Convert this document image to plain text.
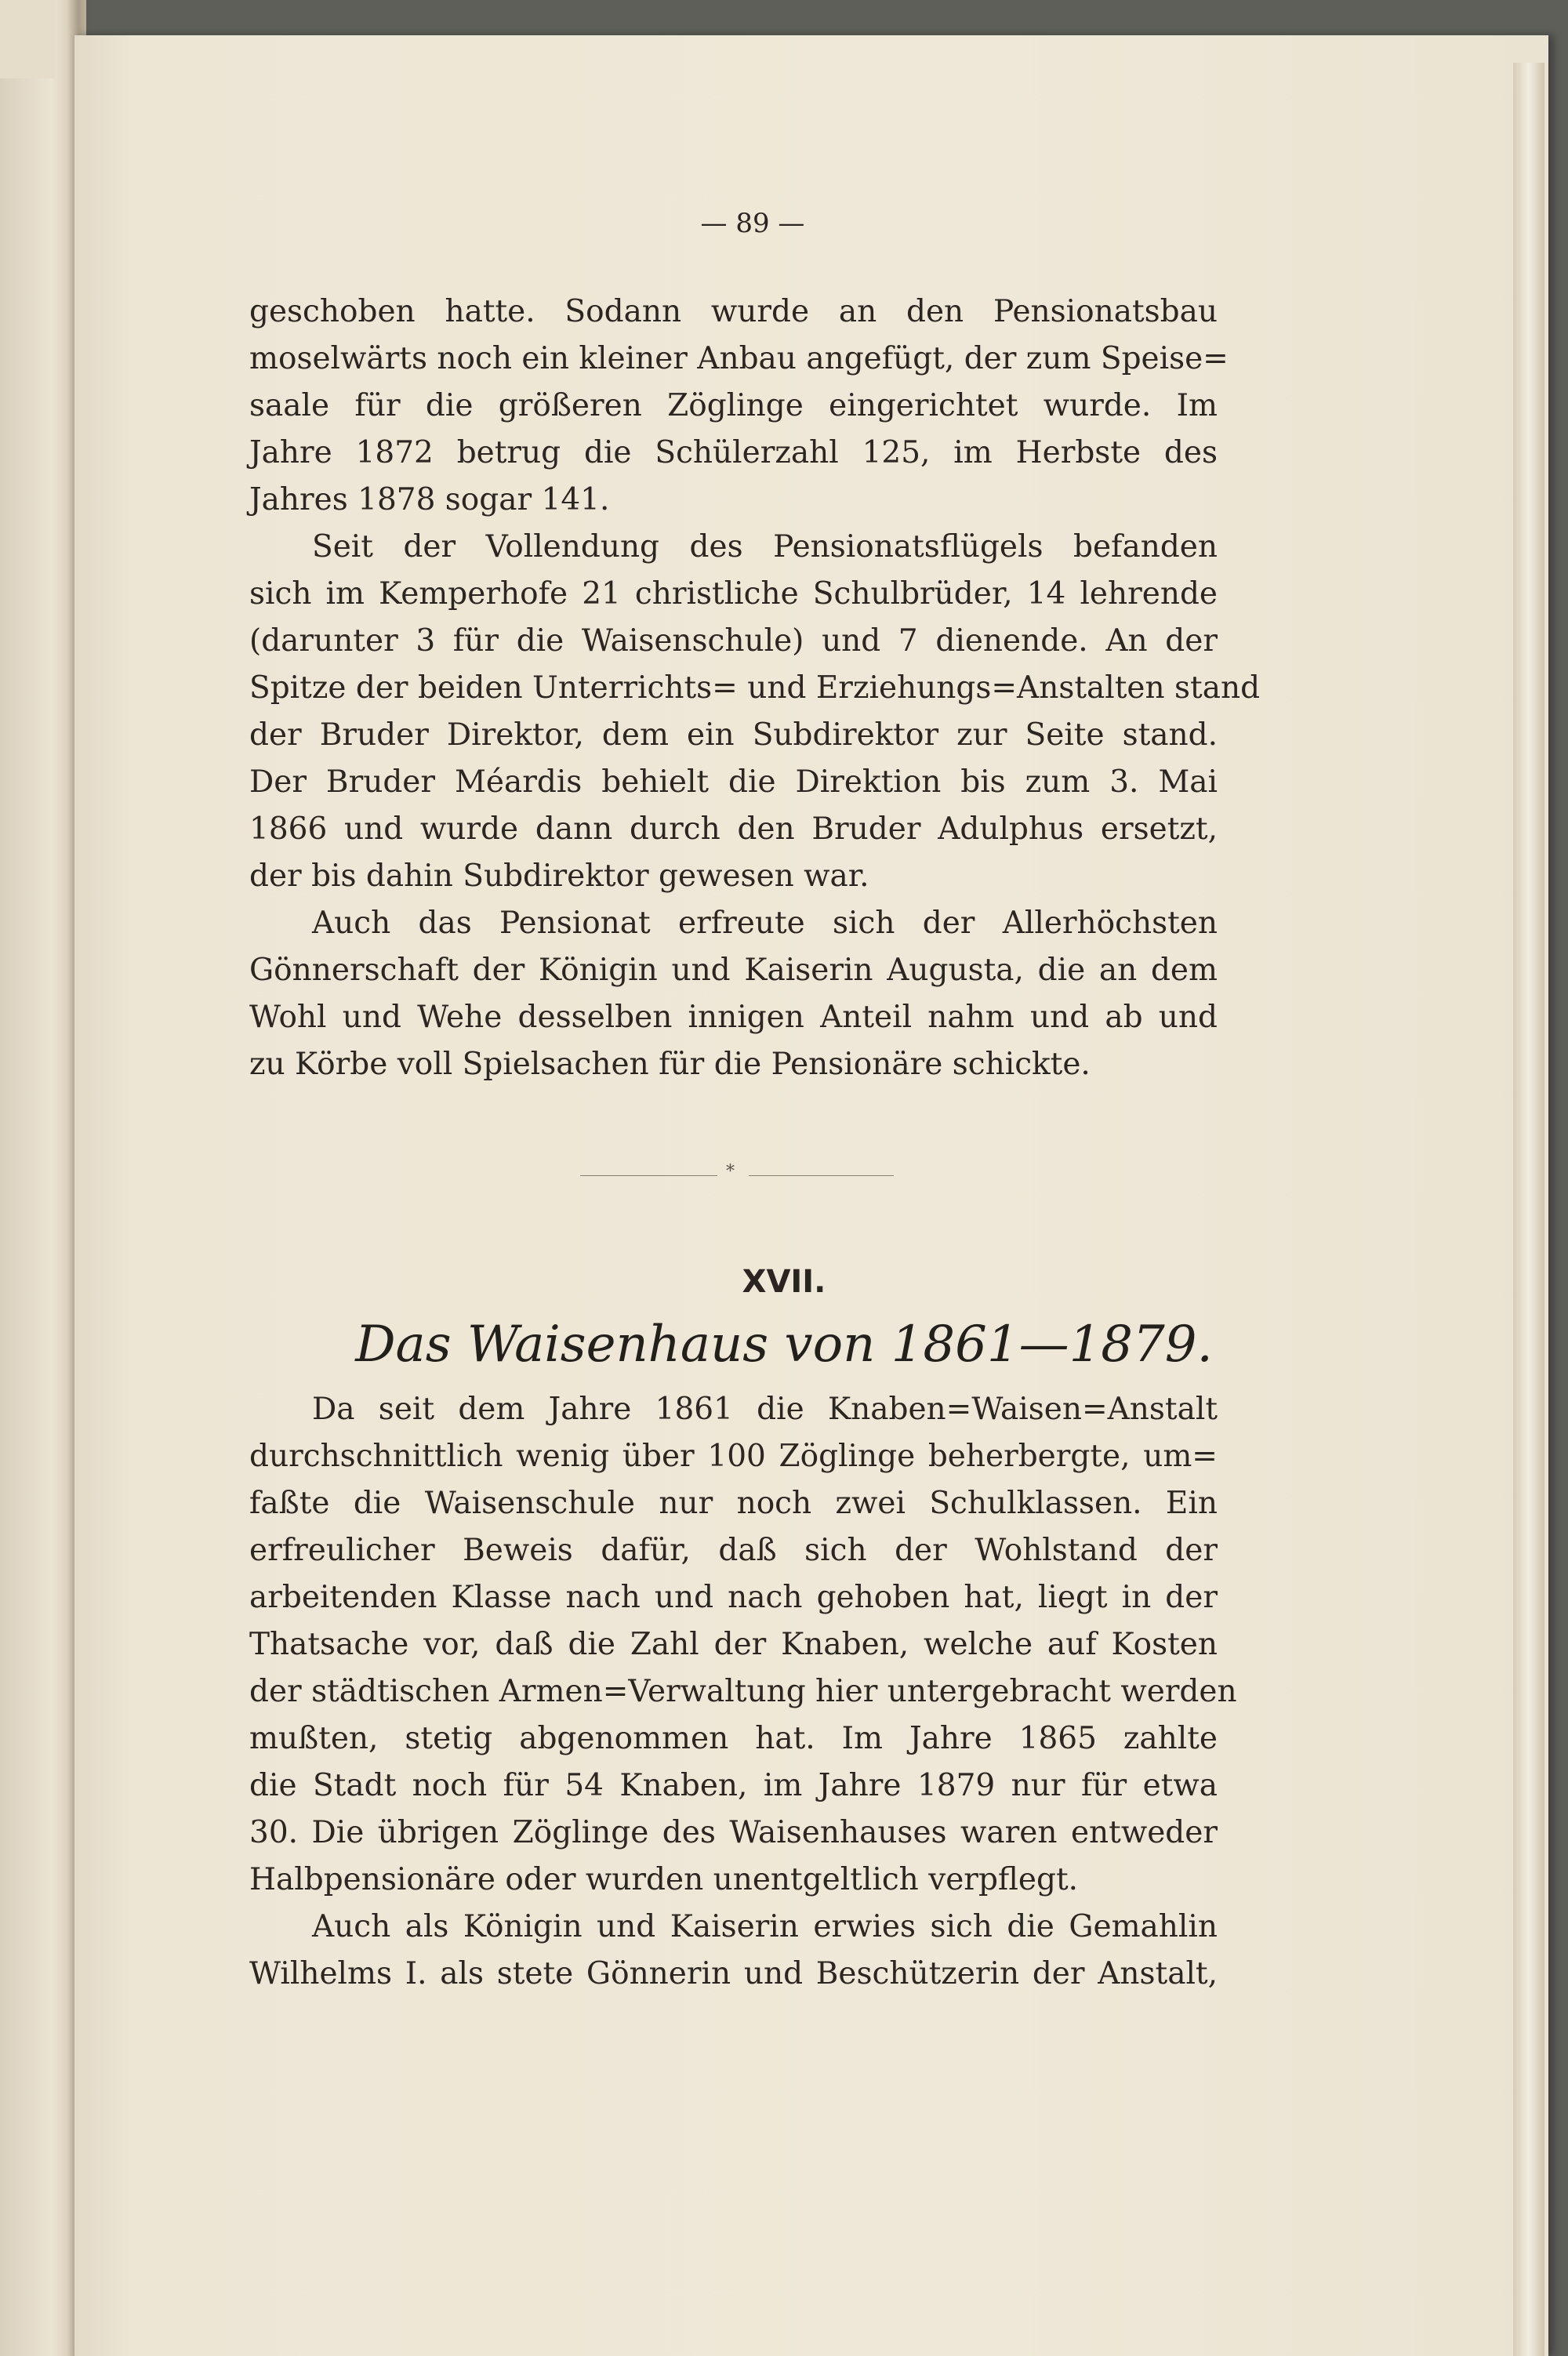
— 89 —
geschoben hatte. Sodann wurde an den Pensionatsbau
moselwärts noch ein kleiner Anbau angefügt, der zum Speise=
saale für die größeren Zöglinge eingerichtet wurde. Im
Jahre 1872 betrug die Schülerzahl 125, im Herbste des
Jahres 1878 sogar 141.
Seit der Vollendung des Pensionatsflügels befanden
sich im Kemperhofe 21 christliche Schulbrüder, 14 lehrende
(darunter 3 für die Waisenschule) und 7 dienende. An der
Spitze der beiden Unterrichts= und Erziehungs=Anstalten stand
der Bruder Direktor, dem ein Subdirektor zur Seite stand.
Der Bruder Méardis behielt die Direktion bis zum 3. Mai
1866 und wurde dann durch den Bruder Adulphus ersetzt,
der bis dahin Subdirektor gewesen war.
Auch das Pensionat erfreute sich der Allerhöchsten
Gönnerschaft der Königin und Kaiserin Augusta, die an dem
Wohl und Wehe desselben innigen Anteil nahm und ab und
zu Körbe voll Spielsachen für die Pensionäre schickte.
*
XVII.
Das Waisenhaus von 1861—1879.
Da seit dem Jahre 1861 die Knaben=Waisen=Anstalt
durchschnittlich wenig über 100 Zöglinge beherbergte, um=
faßte die Waisenschule nur noch zwei Schulklassen. Ein
erfreulicher Beweis dafür, daß sich der Wohlstand der
arbeitenden Klasse nach und nach gehoben hat, liegt in der
Thatsache vor, daß die Zahl der Knaben, welche auf Kosten
der städtischen Armen=Verwaltung hier untergebracht werden
mußten, stetig abgenommen hat. Im Jahre 1865 zahlte
die Stadt noch für 54 Knaben, im Jahre 1879 nur für etwa
30. Die übrigen Zöglinge des Waisenhauses waren entweder
Halbpensionäre oder wurden unentgeltlich verpflegt.
Auch als Königin und Kaiserin erwies sich die Gemahlin
Wilhelms I. als stete Gönnerin und Beschützerin der Anstalt,
